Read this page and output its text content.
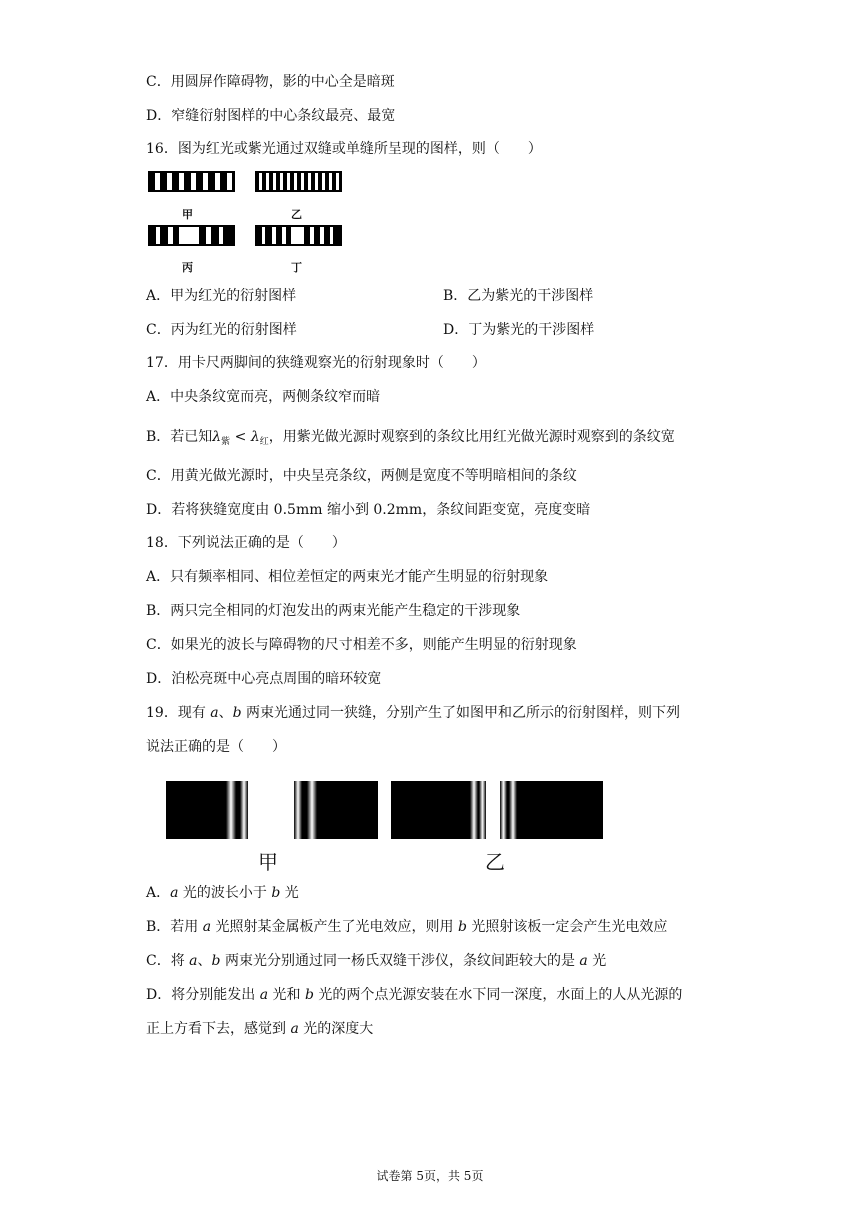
C．用圆屏作障碍物，影的中心全是暗斑
D．窄缝衍射图样的中心条纹最亮、最宽
16．图为红光或紫光通过双缝或单缝所呈现的图样，则（　　）
甲	乙
丙	丁
A．甲为红光的衍射图样	B．乙为紫光的干涉图样
C．丙为红光的衍射图样	D．丁为紫光的干涉图样
17．用卡尺两脚间的狭缝观察光的衍射现象时（　　）
A．中央条纹宽而亮，两侧条纹窄而暗
B．若已知$\lambda_紫 < \lambda_红$，用紫光做光源时观察到的条纹比用红光做光源时观察到的条纹宽
C．用黄光做光源时，中央呈亮条纹，两侧是宽度不等明暗相间的条纹
D．若将狭缝宽度由 0.5mm 缩小到 0.2mm，条纹间距变宽，亮度变暗
18．下列说法正确的是（　　）
A．只有频率相同、相位差恒定的两束光才能产生明显的衍射现象
B．两只完全相同的灯泡发出的两束光能产生稳定的干涉现象
C．如果光的波长与障碍物的尺寸相差不多，则能产生明显的衍射现象
D．泊松亮斑中心亮点周围的暗环较宽
19．现有 a、b 两束光通过同一狭缝，分别产生了如图甲和乙所示的衍射图样，则下列
说法正确的是（　　）
甲	乙
A．a 光的波长小于 b 光
B．若用 a 光照射某金属板产生了光电效应，则用 b 光照射该板一定会产生光电效应
C．将 a、b 两束光分别通过同一杨氏双缝干涉仪，条纹间距较大的是 a 光
D．将分别能发出 a 光和 b 光的两个点光源安装在水下同一深度，水面上的人从光源的
正上方看下去，感觉到 a 光的深度大
试卷第 5页，共 5页
